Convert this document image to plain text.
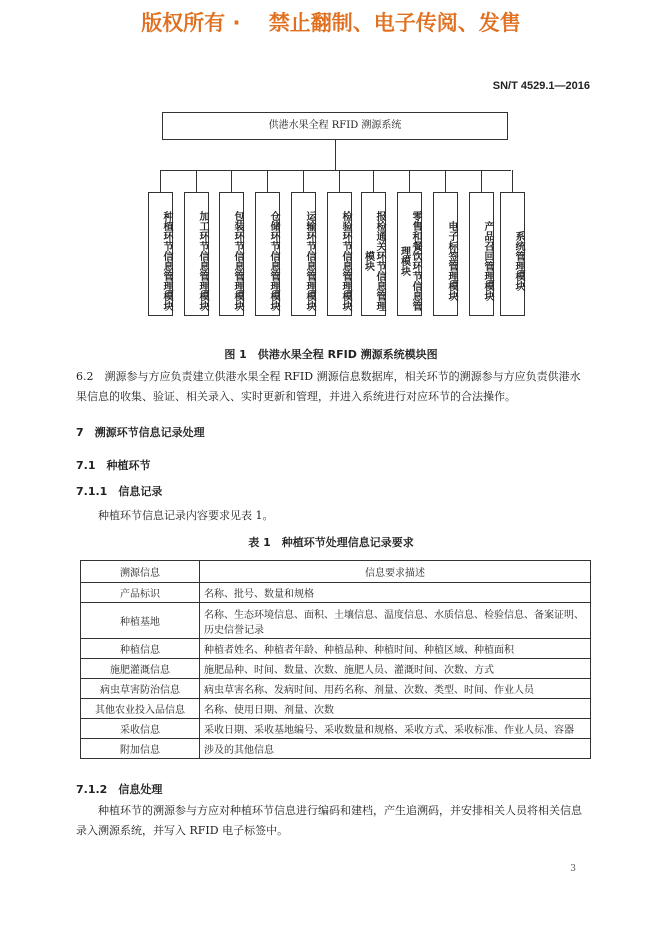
版权所有 · 　禁止翻制、电子传阅、发售
SN/T 4529.1—2016
供港水果全程 RFID 溯源系统
种植环节信息管理模块	加工环节信息管理模块	包装环节信息管理模块	仓储环节信息管理模块	运输环节信息管理模块	检验环节信息管理模块	报检通关环节信息管理模块	零售和餐饮环节信息管理模块	电子标签管理模块	产品召回管理模块	系统管理模块
图 1　供港水果全程 RFID 溯源系统模块图
6.2　溯源参与方应负责建立供港水果全程 RFID 溯源信息数据库，相关环节的溯源参与方应负责供港水果信息的收集、验证、相关录入、实时更新和管理，并进入系统进行对应环节的合法操作。
7　溯源环节信息记录处理
7.1　种植环节
7.1.1　信息记录
种植环节信息记录内容要求见表 1。
表 1　种植环节处理信息记录要求
溯源信息	信息要求描述
产品标识	名称、批号、数量和规格
种植基地	名称、生态环境信息、面积、土壤信息、温度信息、水质信息、检验信息、备案证明、历史信誉记录
种植信息	种植者姓名、种植者年龄、种植品种、种植时间、种植区域、种植面积
施肥灌溉信息	施肥品种、时间、数量、次数、施肥人员、灌溉时间、次数、方式
病虫草害防治信息	病虫草害名称、发病时间、用药名称、剂量、次数、类型、时间、作业人员
其他农业投入品信息	名称、使用日期、剂量、次数
采收信息	采收日期、采收基地编号、采收数量和规格、采收方式、采收标准、作业人员、容器
附加信息	涉及的其他信息
7.1.2　信息处理
种植环节的溯源参与方应对种植环节信息进行编码和建档，产生追溯码，并安排相关人员将相关信息录入溯源系统，并写入 RFID 电子标签中。
3
